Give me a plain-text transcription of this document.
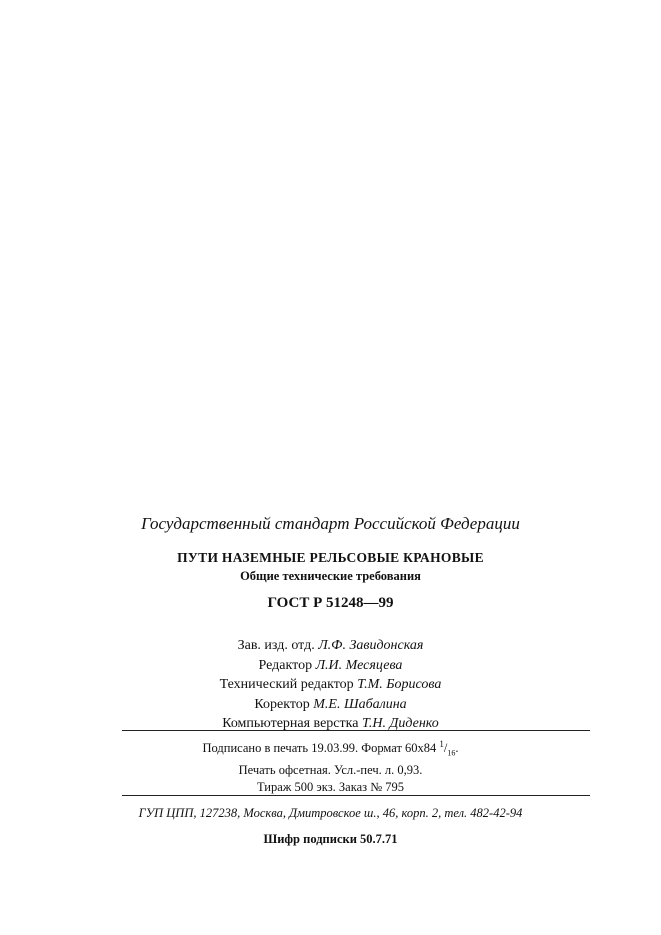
Государственный стандарт Российской Федерации
ПУТИ НАЗЕМНЫЕ РЕЛЬСОВЫЕ КРАНОВЫЕ
Общие технические требования
ГОСТ Р 51248—99
Зав. изд. отд. Л.Ф. Завидонская
Редактор Л.И. Месяцева
Технический редактор Т.М. Борисова
Коректор М.Е. Шабалина
Компьютерная верстка Т.Н. Диденко
Подписано в печать 19.03.99. Формат 60x84 $^1/_{16}$.
Печать офсетная. Усл.-печ. л. 0,93.
Тираж 500 экз. Заказ № 795
ГУП ЦПП, 127238, Москва, Дмитровское ш., 46, корп. 2, тел. 482-42-94
Шифр подписки 50.7.71
